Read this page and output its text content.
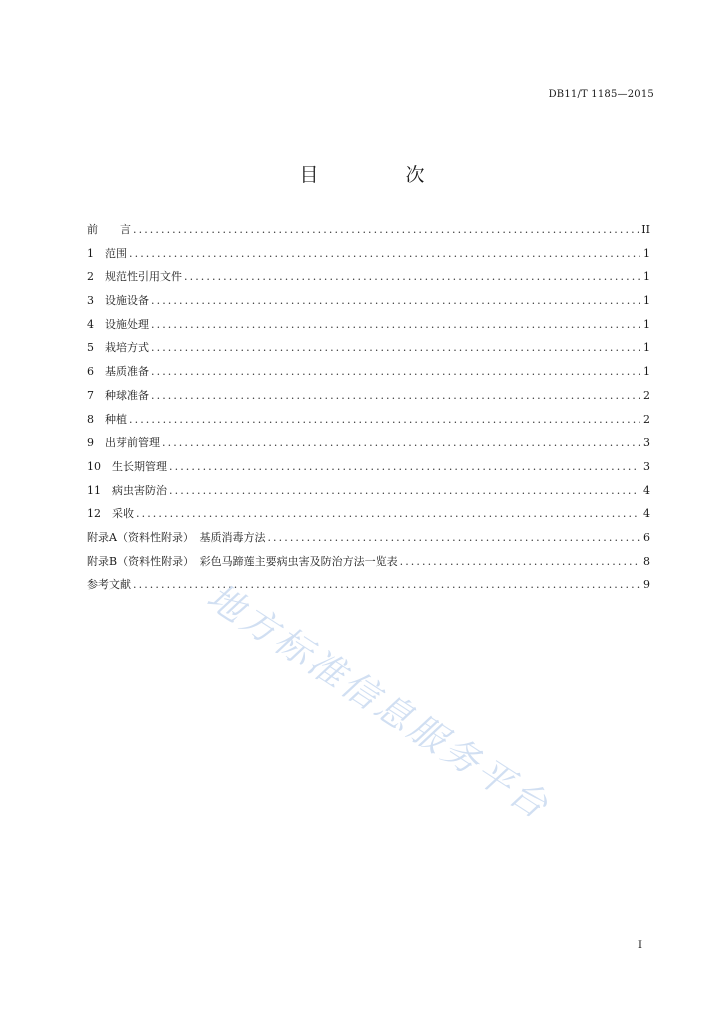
DB11/T 1185—2015
目　次
前　　言 .....	II
1　范围 .....	1
2　规范性引用文件 .....	1
3　设施设备 .....	1
4　设施处理 .....	1
5　栽培方式 .....	1
6　基质准备 .....	1
7　种球准备 .....	2
8　种植 .....	2
9　出芽前管理 .....	3
10　生长期管理 .....	3
11　病虫害防治 .....	4
12　采收 .....	4
附录A（资料性附录）　基质消毒方法 .....	6
附录B（资料性附录）　彩色马蹄莲主要病虫害及防治方法一览表 .....	8
参考文献 .....	9
地方标准信息服务平台
I
